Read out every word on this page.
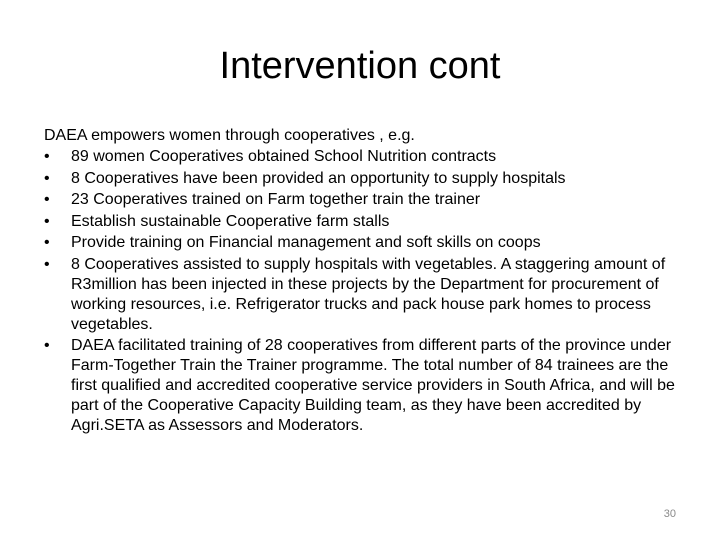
Intervention cont
DAEA empowers women through cooperatives , e.g.
• 89 women Cooperatives obtained School Nutrition contracts
• 8 Cooperatives have been provided an opportunity to supply hospitals
• 23 Cooperatives trained on Farm together train the trainer
• Establish sustainable Cooperative farm stalls
• Provide training on Financial management and soft skills on coops
• 8 Cooperatives assisted to supply hospitals with vegetables. A staggering amount of R3million has been injected in these projects by the Department for procurement of working resources, i.e. Refrigerator trucks and pack house park homes to process vegetables.
• DAEA facilitated training of 28 cooperatives from different parts of the province under Farm-Together Train the Trainer programme. The total number of 84 trainees are the first qualified and accredited cooperative service providers in South Africa, and will be part of the Cooperative Capacity Building team, as they have been accredited by Agri.SETA as Assessors and Moderators.
30
